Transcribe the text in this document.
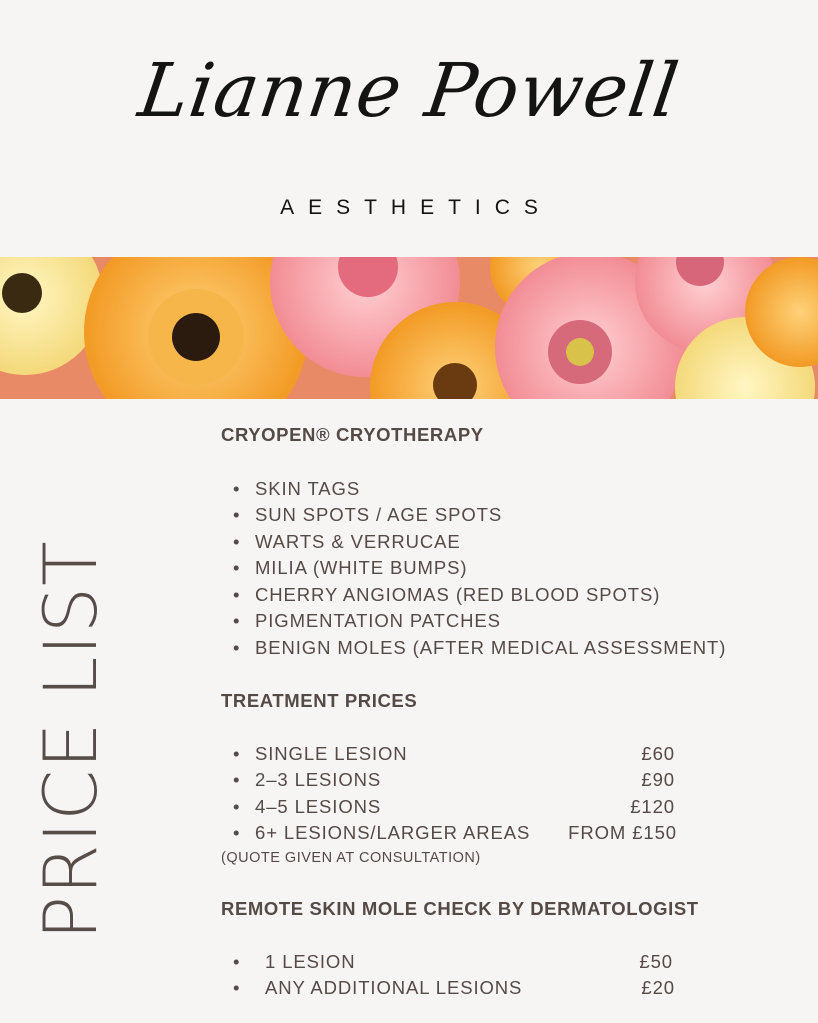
Lianne Powell
AESTHETICS
PRICE LIST
CRYOPEN® CRYOTHERAPY
• SKIN TAGS
• SUN SPOTS / AGE SPOTS
• WARTS & VERRUCAE
• MILIA (WHITE BUMPS)
• CHERRY ANGIOMAS (RED BLOOD SPOTS)
• PIGMENTATION PATCHES
• BENIGN MOLES (AFTER MEDICAL ASSESSMENT)
TREATMENT PRICES
• SINGLE LESION	£60
• 2–3 LESIONS	£90
• 4–5 LESIONS	£120
• 6+ LESIONS/LARGER AREAS FROM £150
(QUOTE GIVEN AT CONSULTATION)
REMOTE SKIN MOLE CHECK BY DERMATOLOGIST
• 1 LESION	£50
• ANY ADDITIONAL LESIONS	£20
